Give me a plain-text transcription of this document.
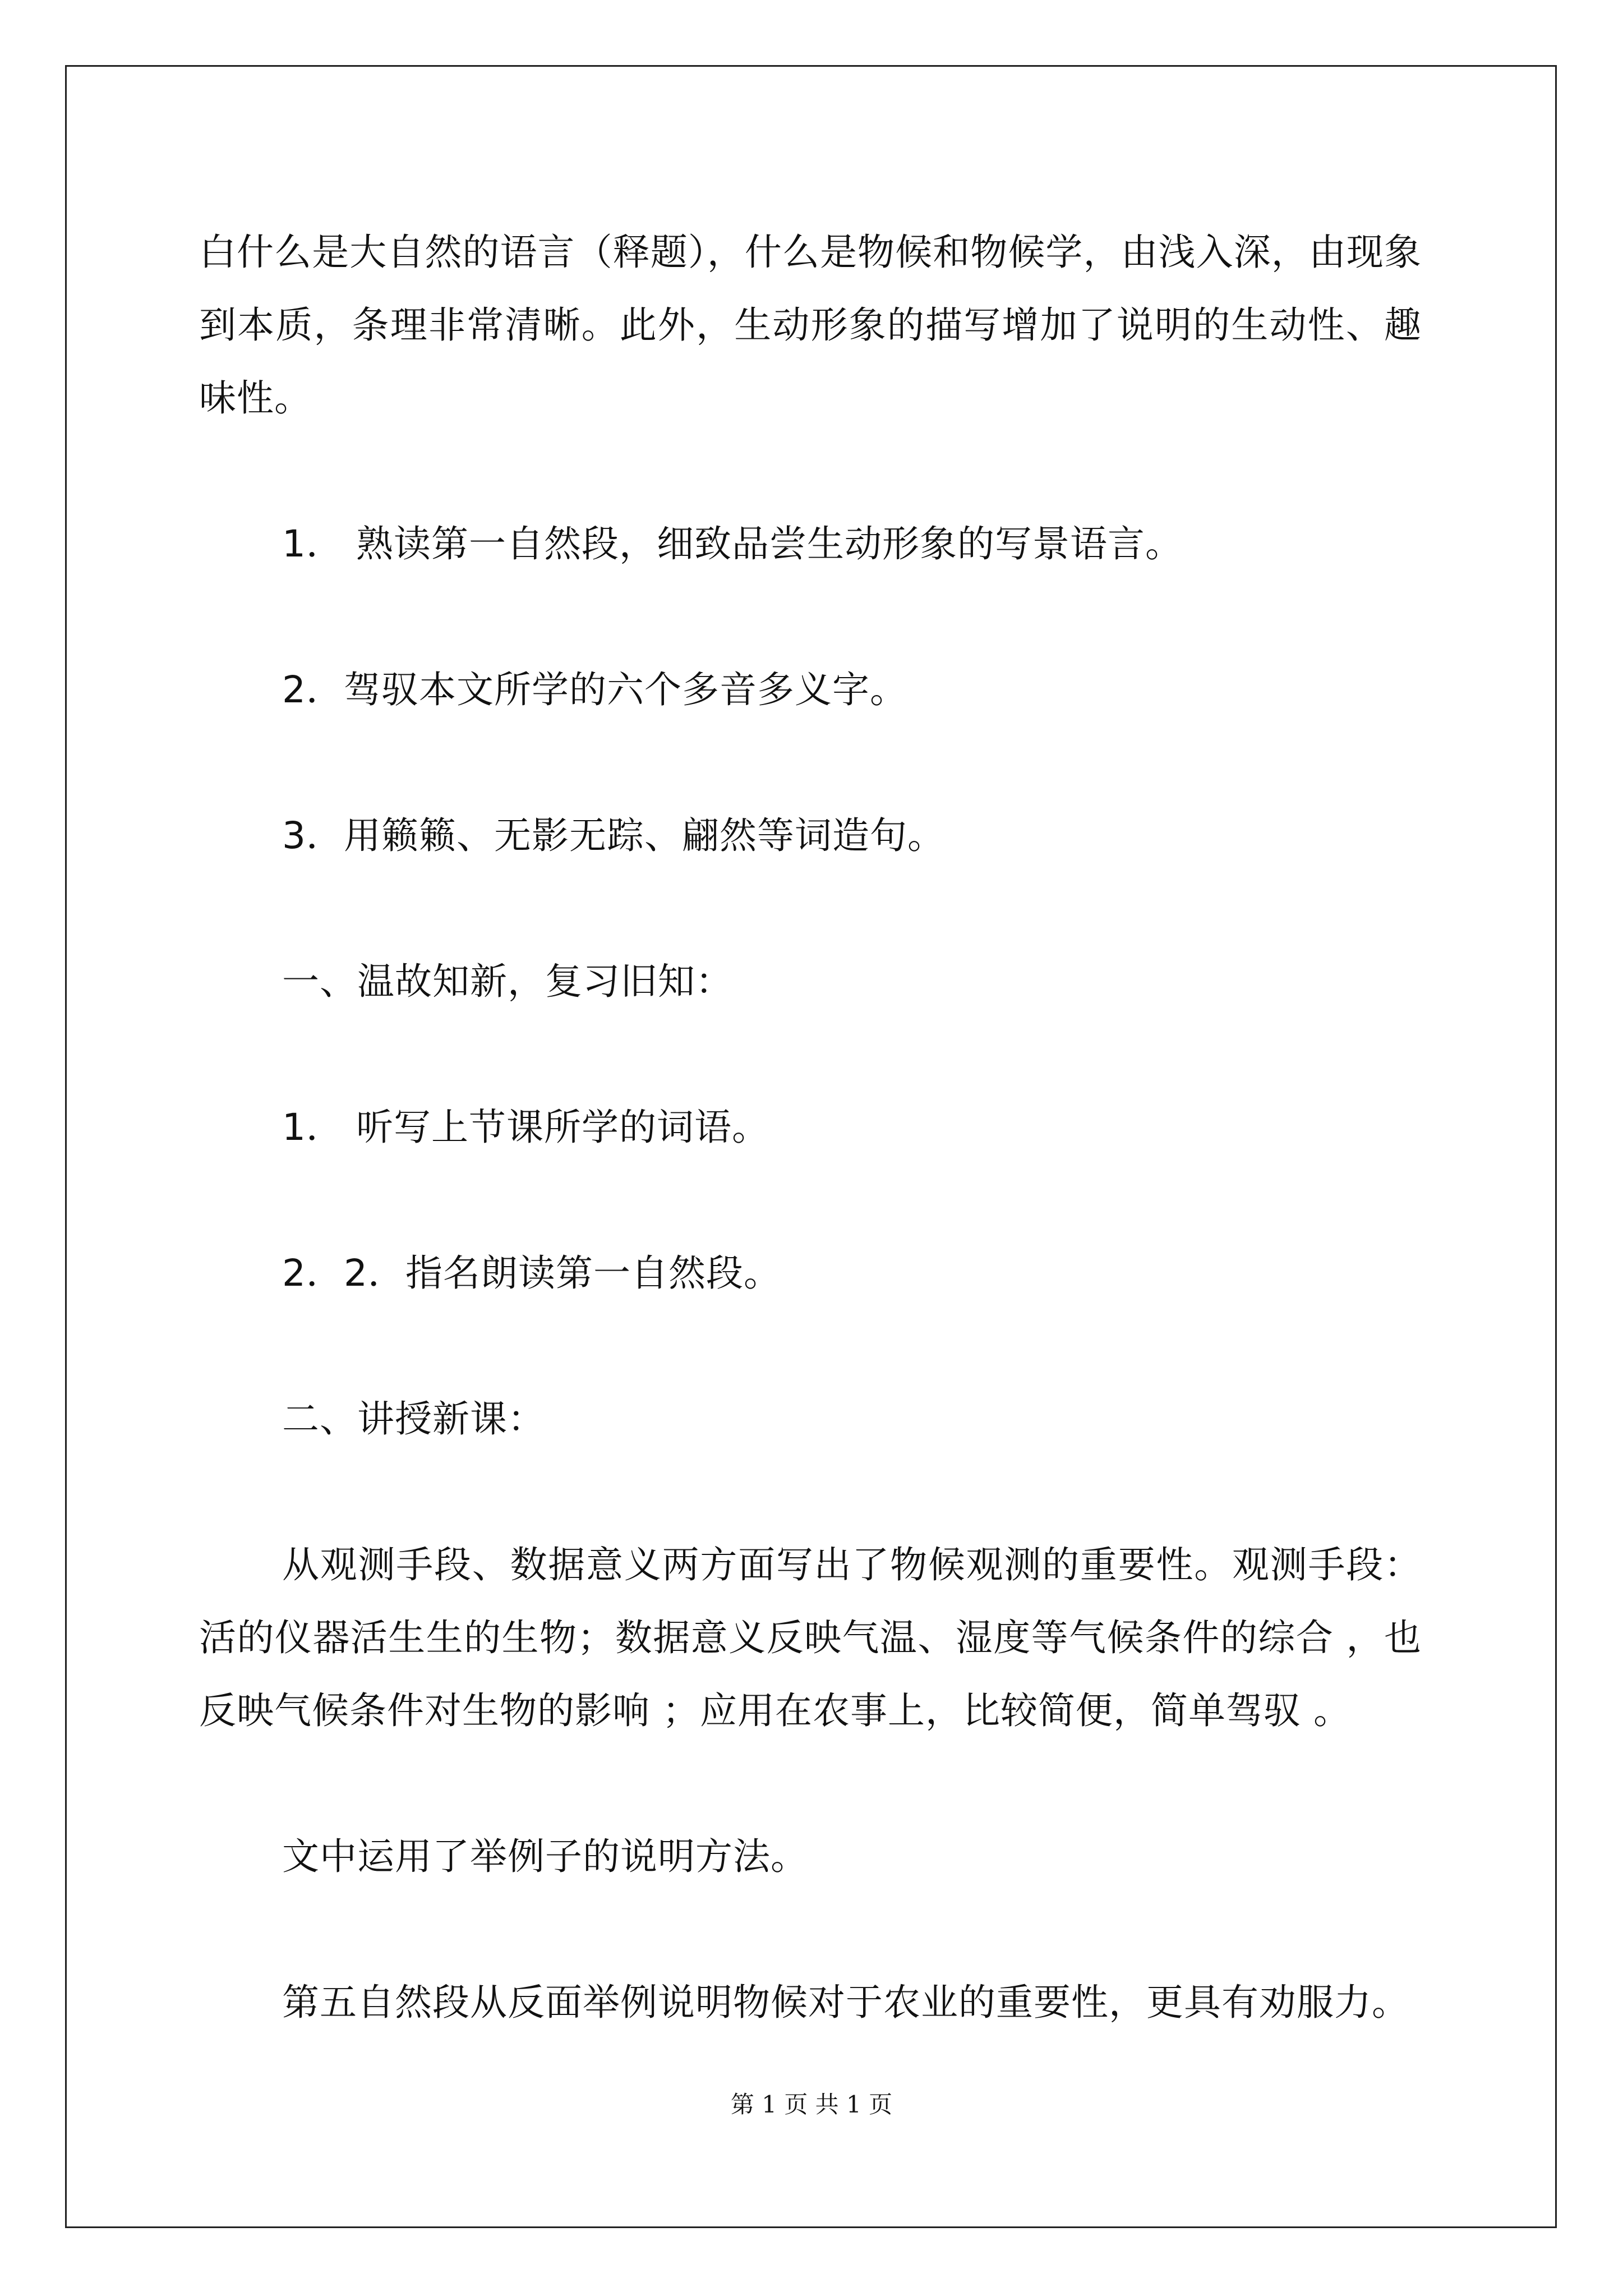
白什么是大自然的语言（释题），什么是物候和物候学，由浅入深，由现象到本质，条理非常清晰。此外，生动形象的描写增加了说明的生动性、趣味性。

1． 熟读第一自然段，细致品尝生动形象的写景语言。

2．驾驭本文所学的六个多音多义字。

3．用籁籁、无影无踪、翩然等词造句。

一、温故知新，复习旧知：

1． 听写上节课所学的词语。

2．2．指名朗读第一自然段。

二、讲授新课：

从观测手段、数据意义两方面写出了物候观测的重要性。观测手段：活的仪器活生生的生物；数据意义反映气温、湿度等气候条件的综合 ，也反映气候条件对生物的影响 ；应用在农事上，比较简便，简单驾驭 。

文中运用了举例子的说明方法。

第五自然段从反面举例说明物候对于农业的重要性，更具有劝服力。

第 1 页 共 1 页
